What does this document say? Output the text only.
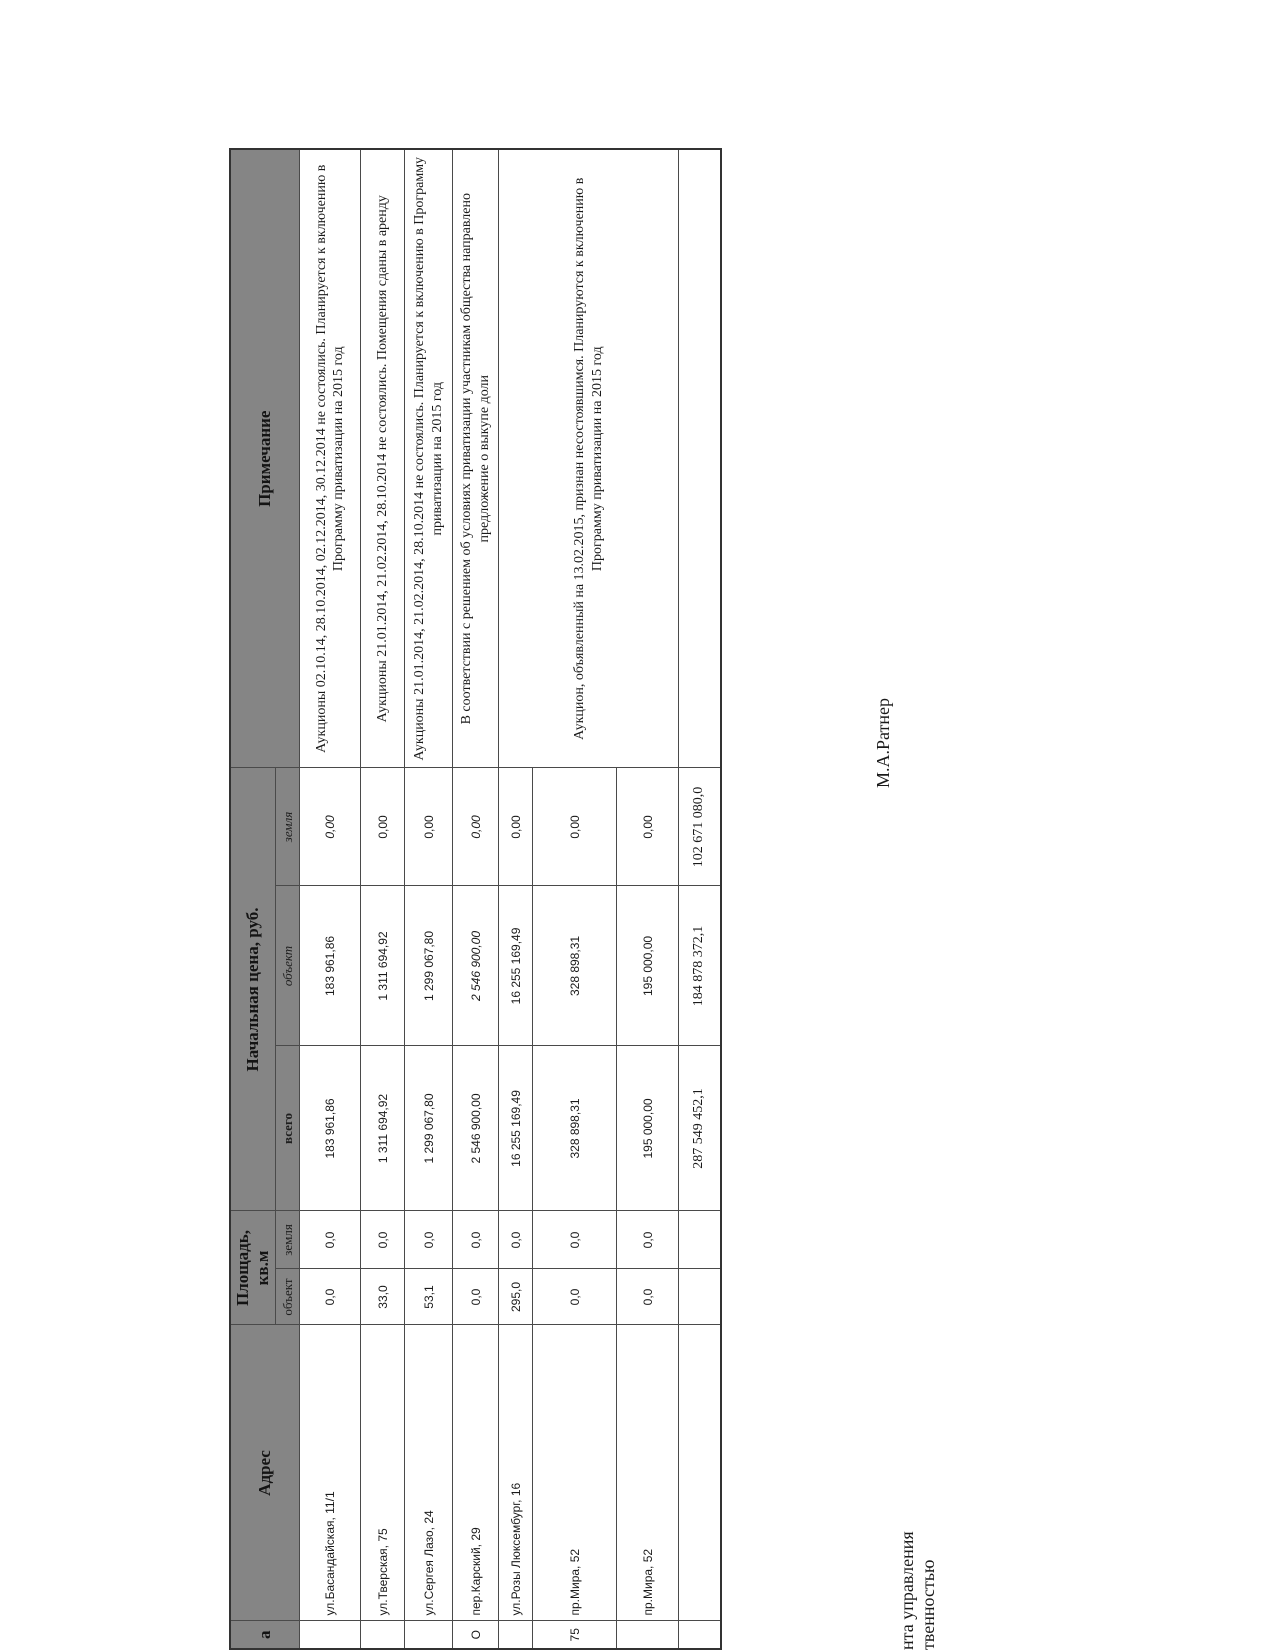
а	Адрес	Площадь, кв.м		Начальная цена, руб.			Примечание
		объект	земля	всего	объект	земля	
	ул.Басандайская, 11/1	0,0	0,0	183 961,86	183 961,86	0,00	Аукционы 02.10.14, 28.10.2014, 02.12.2014, 30.12.2014 не состоялись. Планируется к включению в Программу приватизации на 2015 год
	ул.Тверская, 75	33,0	0,0	1 311 694,92	1 311 694,92	0,00	Аукционы 21.01.2014, 21.02.2014, 28.10.2014 не состоялись. Помещения сданы в аренду
	ул.Сергея Лазо, 24	53,1	0,0	1 299 067,80	1 299 067,80	0,00	Аукционы 21.01.2014, 21.02.2014, 28.10.2014 не состоялись. Планируется к включению в Программу приватизации на 2015 год
О	пер.Карский, 29	0,0	0,0	2 546 900,00	2 546 900,00	0,00	В соответствии с решением об условиях приватизации участникам общества направлено предложение о выкупе доли
	ул.Розы Люксембург, 16	295,0	0,0	16 255 169,49	16 255 169,49	0,00	Аукцион, объявленный на 13.02.2015, признан несостоявшимся. Планируются к включению в Программу приватизации на 2015 год
75	пр.Мира, 52	0,0	0,0	328 898,31	328 898,31	0,00	
	пр.Мира, 52	0,0	0,0	195 000,00	195 000,00	0,00	
				287 549 452,1	184 878 372,1	102 671 080,0	
нта управления твенностью
М.А.Ратнер
